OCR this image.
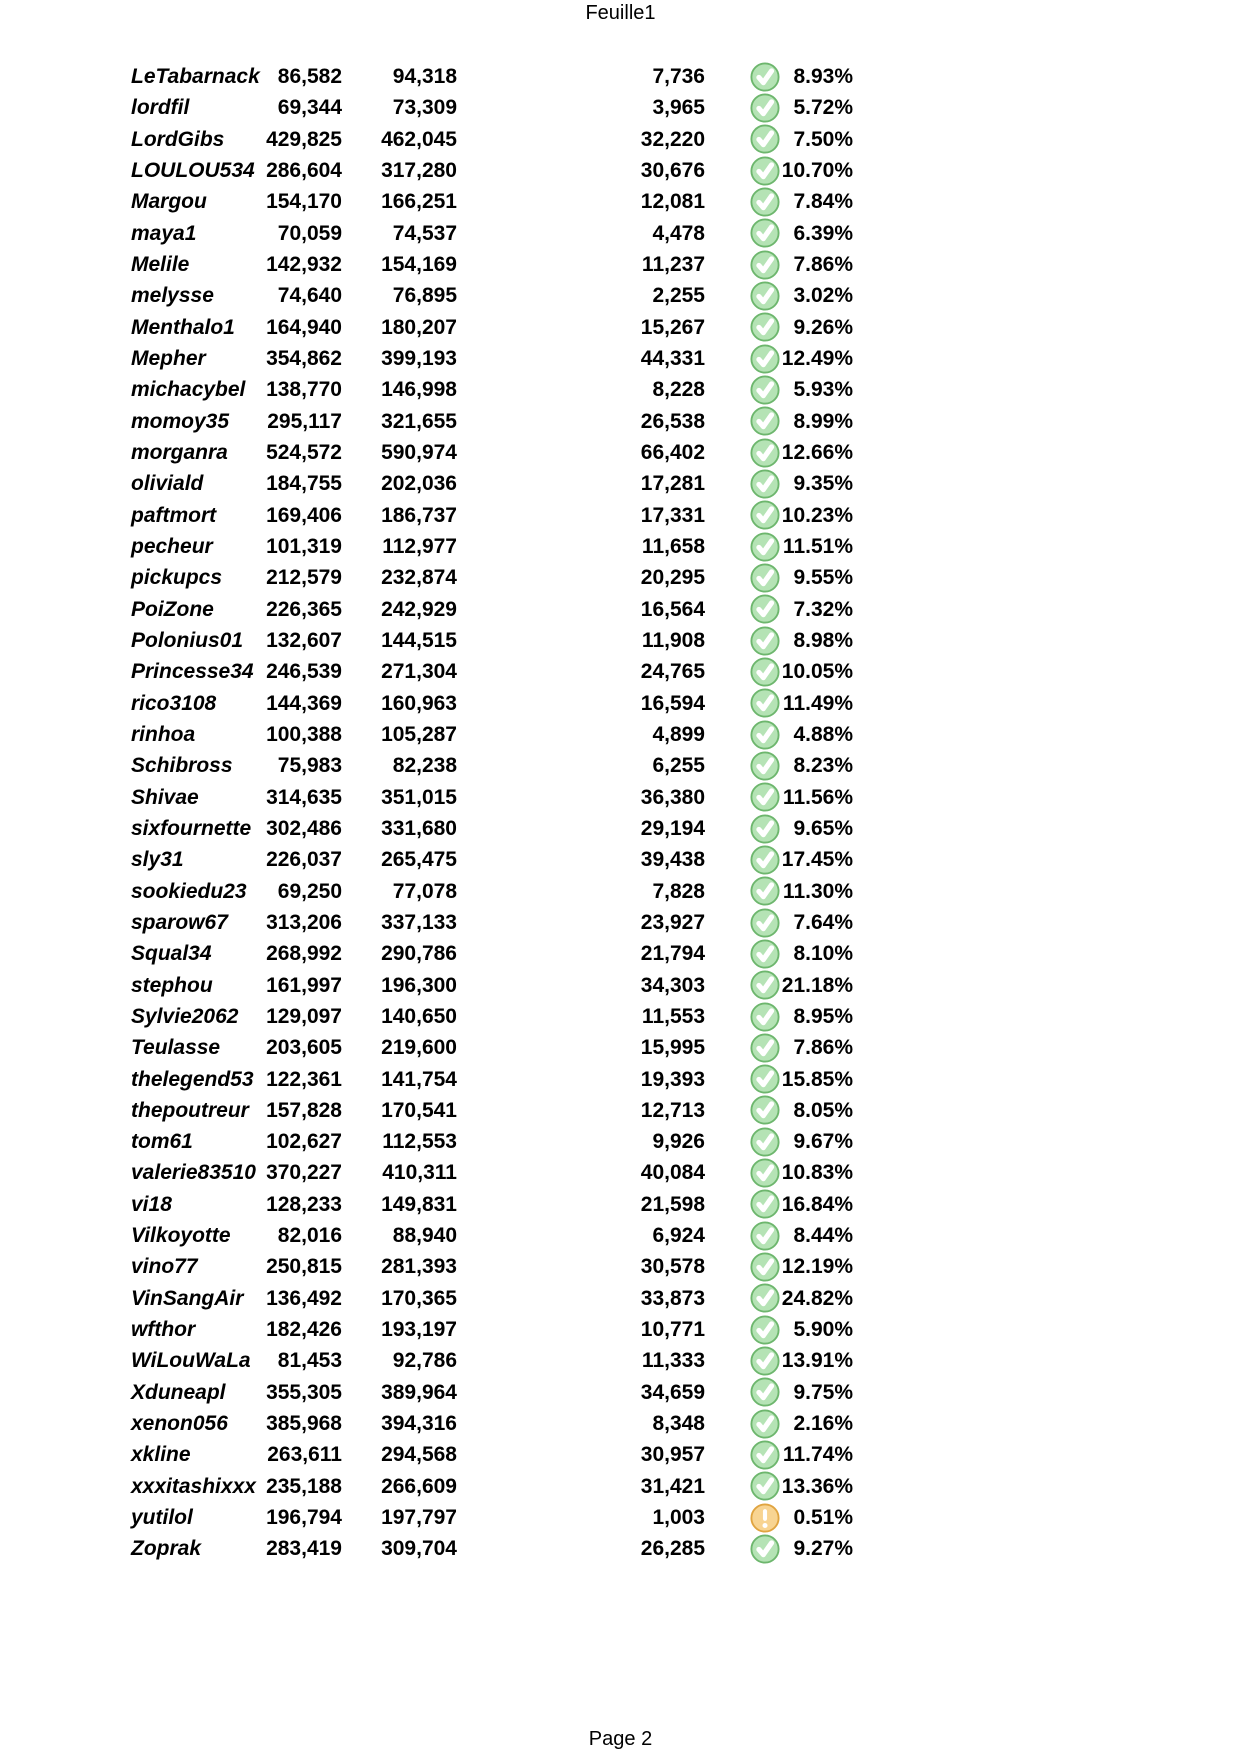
Feuille1
LeTabarnack 86,582	94,318	7,736	8.93%
lordfil	69,344	73,309	3,965	5.72%
LordGibs	429,825	462,045	32,220	7.50%
LOULOU534 286,604	317,280	30,676	10.70%
Margou	154,170	166,251	12,081	7.84%
maya1	70,059	74,537	4,478	6.39%
Melile	142,932	154,169	11,237	7.86%
melysse	74,640	76,895	2,255	3.02%
Menthalo1	164,940	180,207	15,267	9.26%
Mepher	354,862	399,193	44,331	12.49%
michacybel 138,770	146,998	8,228	5.93%
momoy35	295,117	321,655	26,538	8.99%
morganra	524,572	590,974	66,402	12.66%
oliviald	184,755	202,036	17,281	9.35%
paftmort	169,406	186,737	17,331	10.23%
pecheur	101,319	112,977	11,658	11.51%
pickupcs	212,579	232,874	20,295	9.55%
PoiZone	226,365	242,929	16,564	7.32%
Polonius01	132,607	144,515	11,908	8.98%
Princesse34 246,539	271,304	24,765	10.05%
rico3108	144,369	160,963	16,594	11.49%
rinhoa	100,388	105,287	4,899	4.88%
Schibross	75,983	82,238	6,255	8.23%
Shivae	314,635	351,015	36,380	11.56%
sixfournette 302,486	331,680	29,194	9.65%
sly31	226,037	265,475	39,438	17.45%
sookiedu23	69,250	77,078	7,828	11.30%
sparow67	313,206	337,133	23,927	7.64%
Squal34	268,992	290,786	21,794	8.10%
stephou	161,997	196,300	34,303	21.18%
Sylvie2062	129,097	140,650	11,553	8.95%
Teulasse	203,605	219,600	15,995	7.86%
thelegend53 122,361	141,754	19,393	15.85%
thepoutreur 157,828	170,541	12,713	8.05%
tom61	102,627	112,553	9,926	9.67%
valerie83510 370,227	410,311	40,084	10.83%
vi18	128,233	149,831	21,598	16.84%
Vilkoyotte	82,016	88,940	6,924	8.44%
vino77	250,815	281,393	30,578	12.19%
VinSangAir	136,492	170,365	33,873	24.82%
wfthor	182,426	193,197	10,771	5.90%
WiLouWaLa	81,453	92,786	11,333	13.91%
Xduneapl	355,305	389,964	34,659	9.75%
xenon056	385,968	394,316	8,348	2.16%
xkline	263,611	294,568	30,957	11.74%
xxxitashixxx 235,188	266,609	31,421	13.36%
yutilol	196,794	197,797	1,003	0.51%
Zoprak	283,419	309,704	26,285	9.27%
Page 2
